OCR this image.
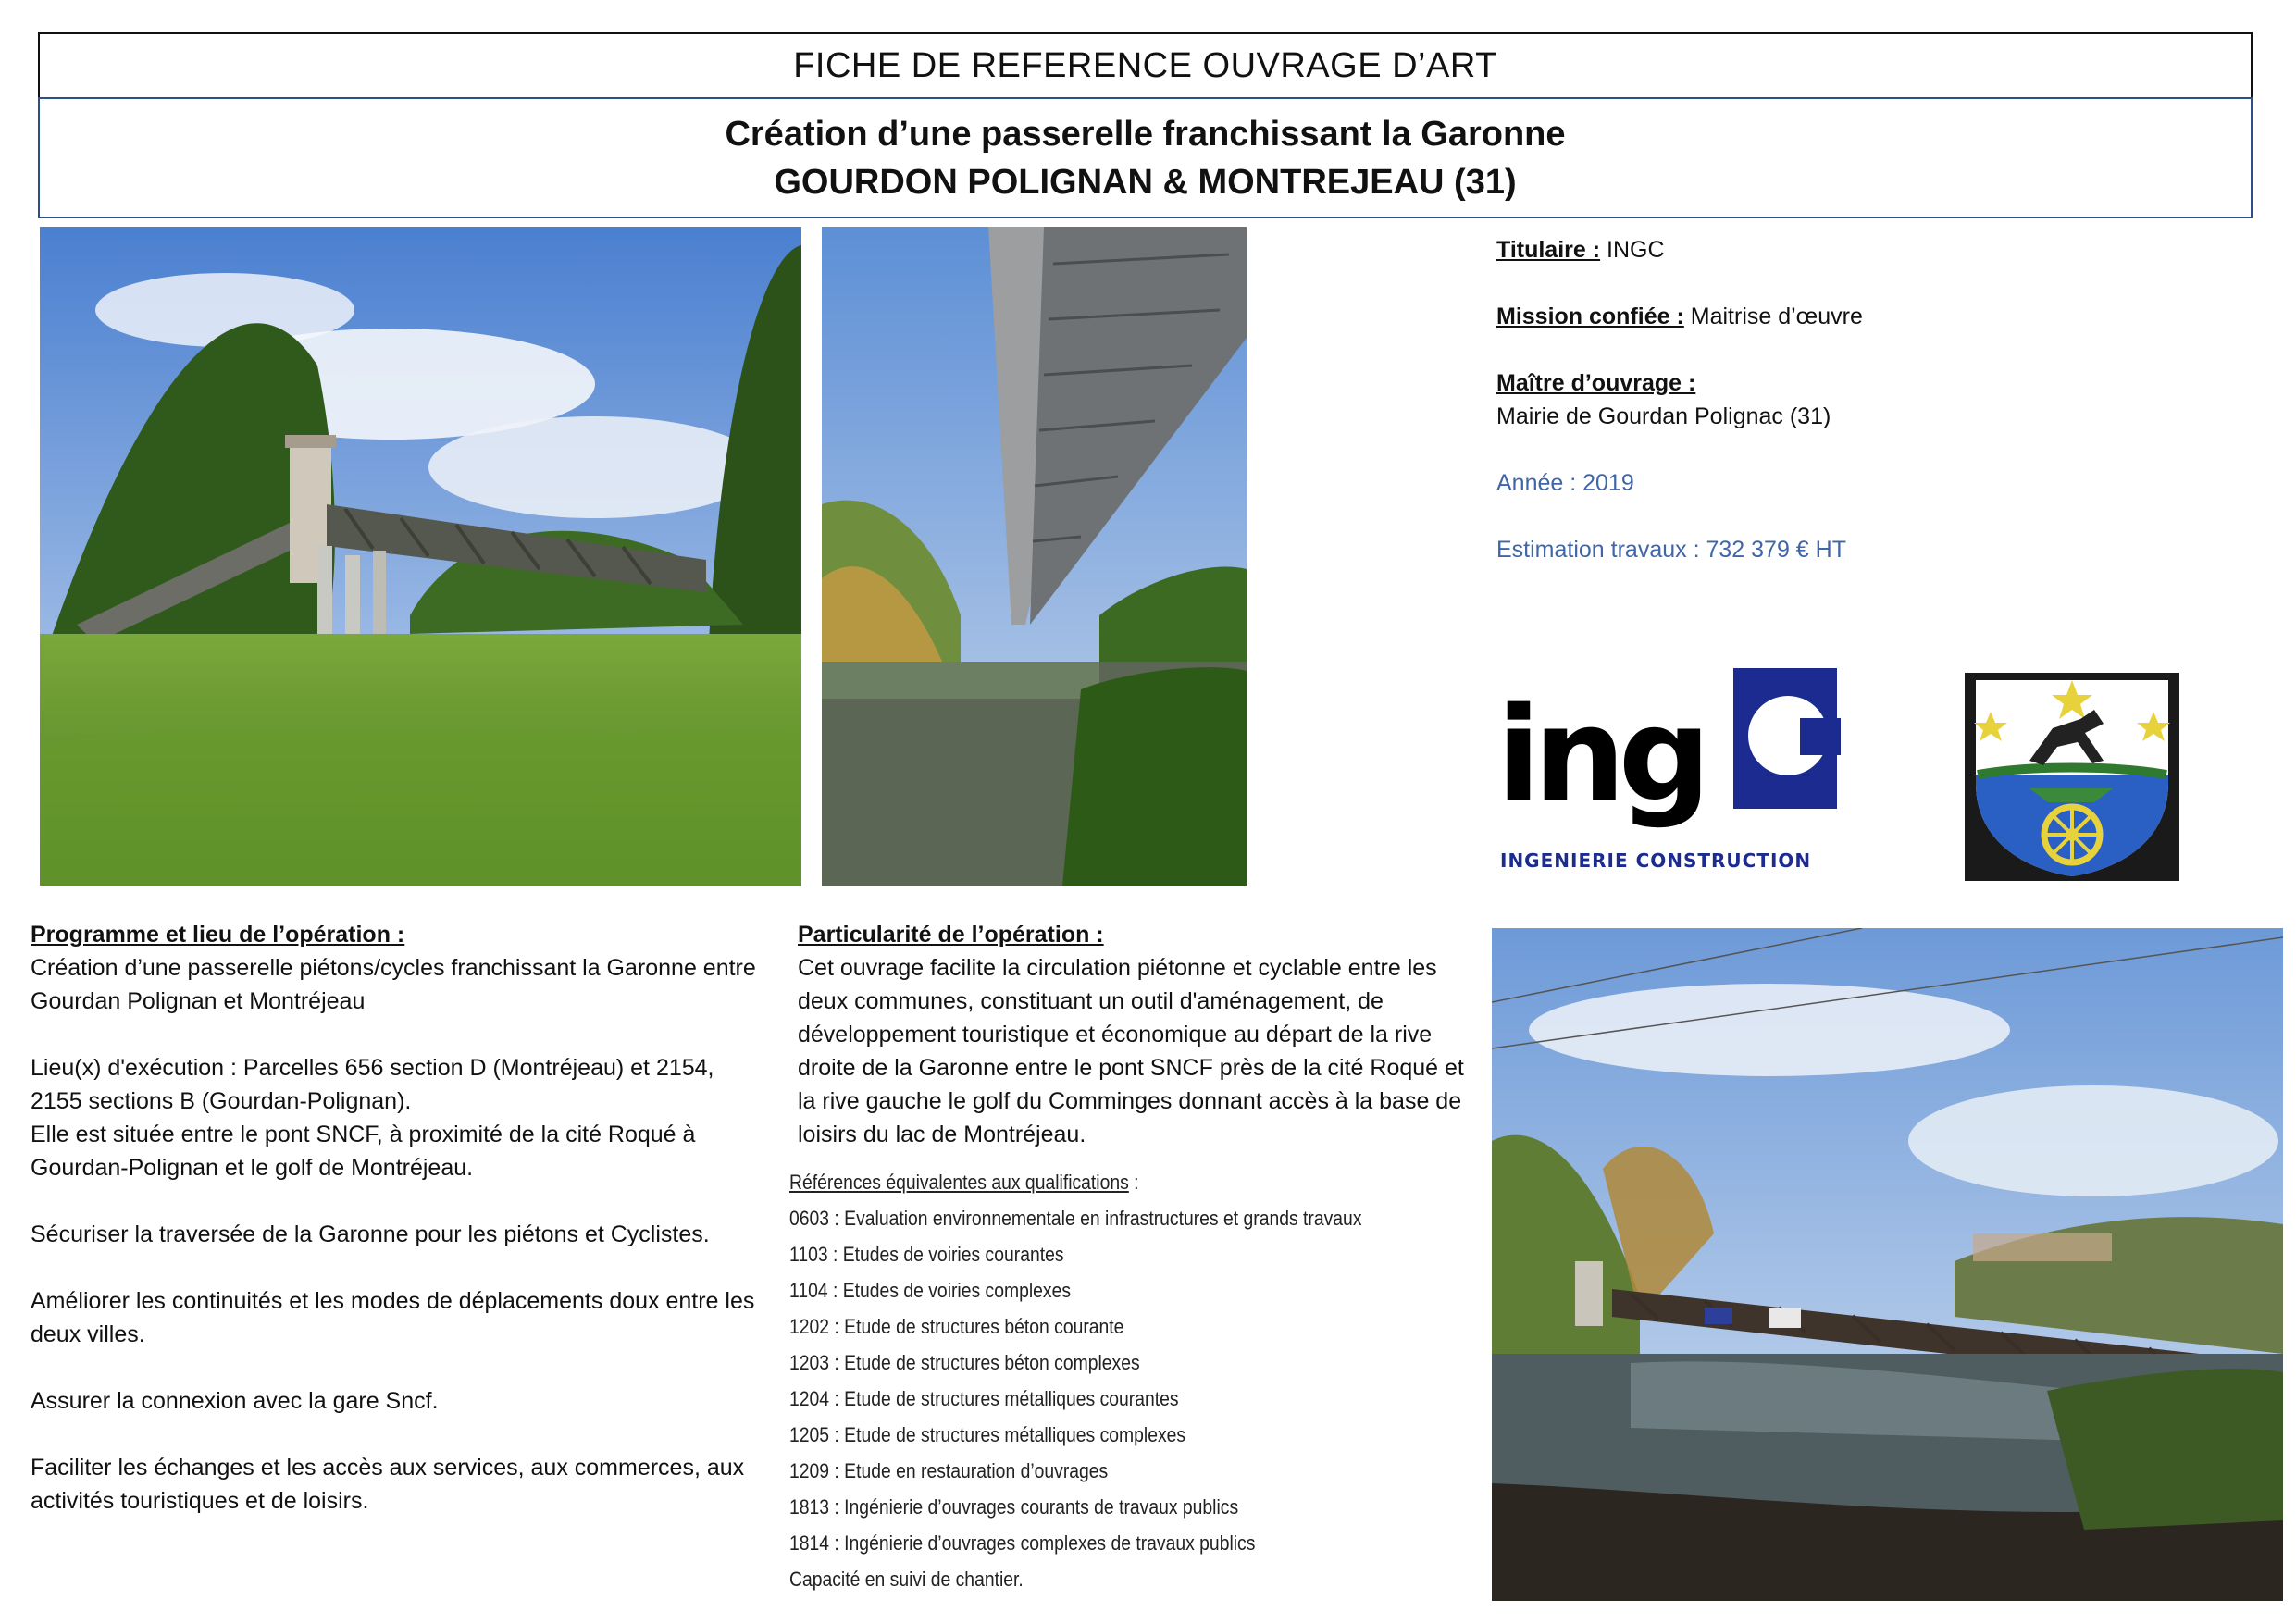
FICHE DE REFERENCE OUVRAGE D’ART
Création d’une passerelle franchissant la Garonne
GOURDON POLIGNAN & MONTREJEAU (31)
Titulaire : INGC
Mission confiée : Maitrise d’œuvre
Maître d’ouvrage :
Mairie de Gourdan Polignac (31)
Année : 2019
Estimation travaux : 732 379 € HT
ing
INGENIERIE CONSTRUCTION
Programme et lieu de l’opération :
Création d’une passerelle piétons/cycles franchissant la Garonne entre Gourdan Polignan et Montréjeau

Lieu(x) d'exécution : Parcelles 656 section D (Montréjeau) et 2154, 2155 sections B (Gourdan-Polignan).

Elle est située entre le pont SNCF, à proximité de la cité Roqué à Gourdan-Polignan et le golf de Montréjeau.

Sécuriser la traversée de la Garonne pour les piétons et Cyclistes.
Améliorer les continuités et les modes de déplacements doux entre les deux villes.
Assurer la connexion avec la gare Sncf.
Faciliter les échanges et les accès aux services, aux commerces, aux activités touristiques et de loisirs.
Particularité de l’opération :
Cet ouvrage facilite la circulation piétonne et cyclable entre les deux communes, constituant un outil d'aménagement, de développement touristique et économique au départ de la rive droite de la Garonne entre le pont SNCF près de la cité Roqué et la rive gauche le golf du Comminges donnant accès à la base de loisirs du lac de Montréjeau.
Références équivalentes aux qualifications :
0603 : Evaluation environnementale en infrastructures et grands travaux
1103 : Etudes de voiries courantes
1104 : Etudes de voiries complexes
1202 : Etude de structures béton courante
1203 : Etude de structures béton complexes
1204 : Etude de structures métalliques courantes
1205 : Etude de structures métalliques complexes
1209 : Etude en restauration d’ouvrages
1813 : Ingénierie d’ouvrages courants de travaux publics
1814 : Ingénierie d’ouvrages complexes de travaux publics
Capacité en suivi de chantier.
